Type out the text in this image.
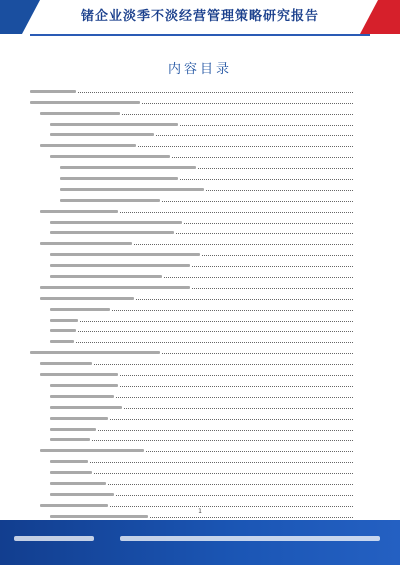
锗企业淡季不淡经营管理策略研究报告
内容目录
1
